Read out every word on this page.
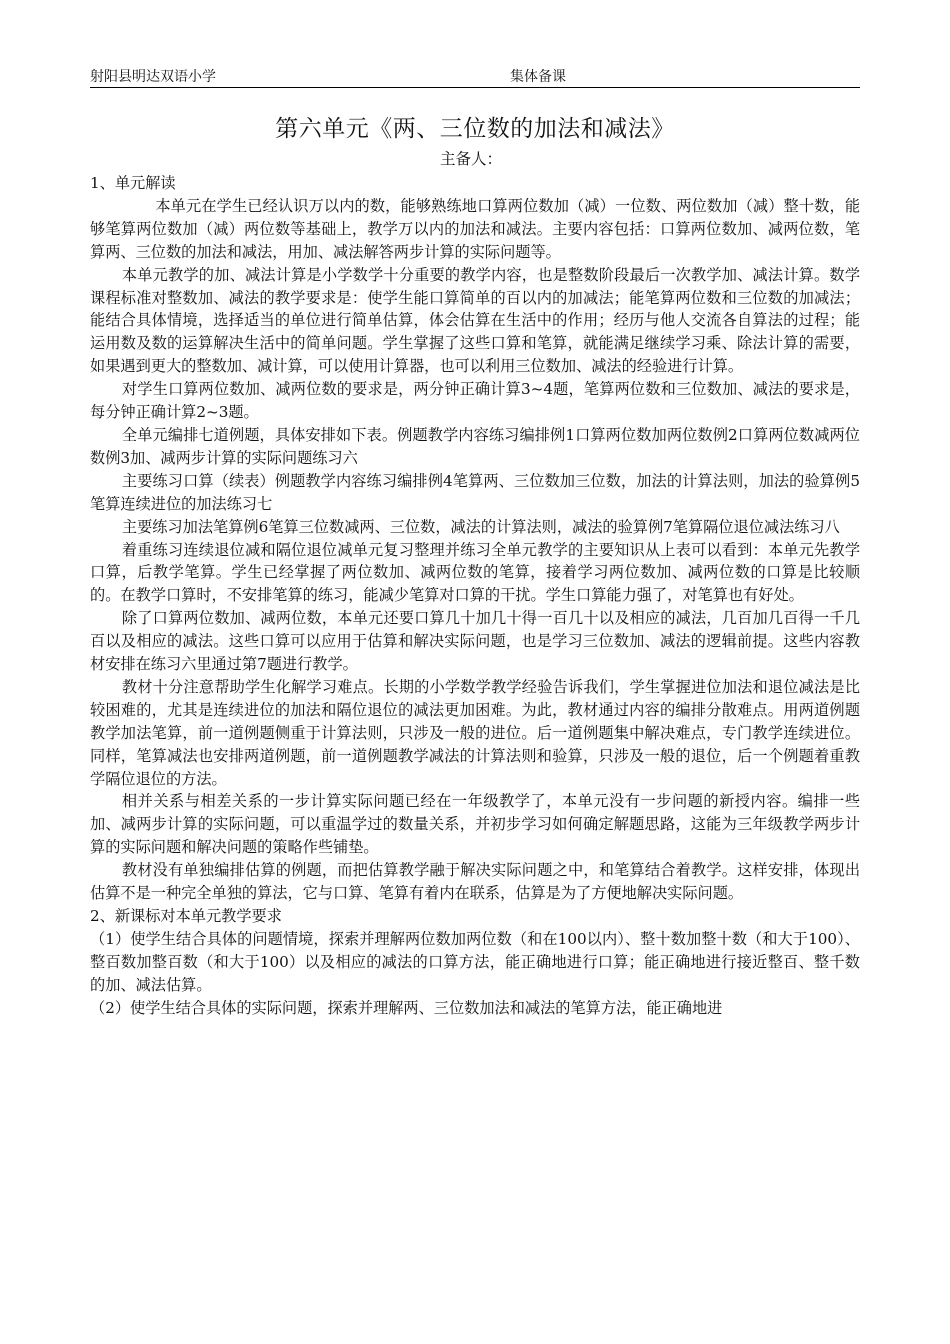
射阳县明达双语小学	集体备课
第六单元《两、三位数的加法和减法》
主备人：

1、单元解读

本单元在学生已经认识万以内的数，能够熟练地口算两位数加（减）一位数、两位数加（减）整十数，能够笔算两位数加（减）两位数等基础上，教学万以内的加法和减法。主要内容包括：口算两位数加、减两位数，笔算两、三位数的加法和减法，用加、减法解答两步计算的实际问题等。

本单元教学的加、减法计算是小学数学十分重要的教学内容，也是整数阶段最后一次教学加、减法计算。数学课程标准对整数加、减法的教学要求是：使学生能口算简单的百以内的加减法；能笔算两位数和三位数的加减法；能结合具体情境，选择适当的单位进行简单估算，体会估算在生活中的作用；经历与他人交流各自算法的过程；能运用数及数的运算解决生活中的简单问题。学生掌握了这些口算和笔算，就能满足继续学习乘、除法计算的需要，如果遇到更大的整数加、减计算，可以使用计算器，也可以利用三位数加、减法的经验进行计算。

对学生口算两位数加、减两位数的要求是，两分钟正确计算3~4题，笔算两位数和三位数加、减法的要求是，每分钟正确计算2~3题。

全单元编排七道例题，具体安排如下表。例题教学内容练习编排例1口算两位数加两位数例2口算两位数减两位数例3加、减两步计算的实际问题练习六

主要练习口算（续表）例题教学内容练习编排例4笔算两、三位数加三位数，加法的计算法则，加法的验算例5笔算连续进位的加法练习七

主要练习加法笔算例6笔算三位数减两、三位数，减法的计算法则，减法的验算例7笔算隔位退位减法练习八

着重练习连续退位减和隔位退位减单元复习整理并练习全单元教学的主要知识从上表可以看到：本单元先教学口算，后教学笔算。学生已经掌握了两位数加、减两位数的笔算，接着学习两位数加、减两位数的口算是比较顺的。在教学口算时，不安排笔算的练习，能减少笔算对口算的干扰。学生口算能力强了，对笔算也有好处。

除了口算两位数加、减两位数，本单元还要口算几十加几十得一百几十以及相应的减法，几百加几百得一千几百以及相应的减法。这些口算可以应用于估算和解决实际问题，也是学习三位数加、减法的逻辑前提。这些内容教材安排在练习六里通过第7题进行教学。

教材十分注意帮助学生化解学习难点。长期的小学数学教学经验告诉我们，学生掌握进位加法和退位减法是比较困难的，尤其是连续进位的加法和隔位退位的减法更加困难。为此，教材通过内容的编排分散难点。用两道例题教学加法笔算，前一道例题侧重于计算法则，只涉及一般的进位。后一道例题集中解决难点，专门教学连续进位。同样，笔算减法也安排两道例题，前一道例题教学减法的计算法则和验算，只涉及一般的退位，后一个例题着重教学隔位退位的方法。

相并关系与相差关系的一步计算实际问题已经在一年级教学了，本单元没有一步问题的新授内容。编排一些加、减两步计算的实际问题，可以重温学过的数量关系，并初步学习如何确定解题思路，这能为三年级教学两步计算的实际问题和解决问题的策略作些铺垫。

教材没有单独编排估算的例题，而把估算教学融于解决实际问题之中，和笔算结合着教学。这样安排，体现出估算不是一种完全单独的算法，它与口算、笔算有着内在联系，估算是为了方便地解决实际问题。

2、新课标对本单元教学要求

（1）使学生结合具体的问题情境，探索并理解两位数加两位数（和在100以内）、整十数加整十数（和大于100）、整百数加整百数（和大于100）以及相应的减法的口算方法，能正确地进行口算；能正确地进行接近整百、整千数的加、减法估算。

（2）使学生结合具体的实际问题，探索并理解两、三位数加法和减法的笔算方法，能正确地进
